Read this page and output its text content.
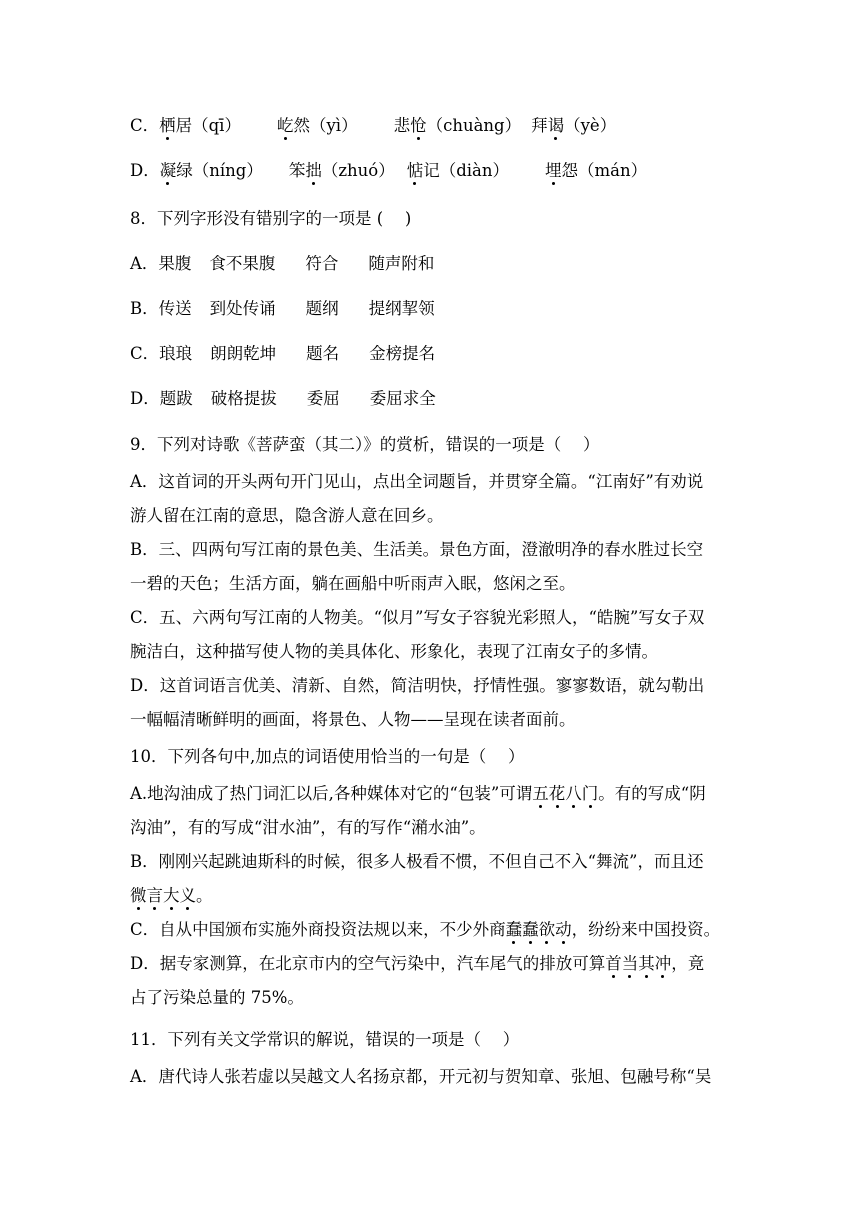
C．栖居（qī） 屹然（yì） 悲怆（chuàng） 拜谒（yè）
D．凝绿（níng） 笨拙（zhuó） 惦记（diàn） 埋怨（mán）
8．下列字形没有错别字的一项是 (　 )
A．果腹 食不果腹 符合 随声附和
B．传送 到处传诵 题纲 提纲挈领
C．琅琅 朗朗乾坤 题名 金榜提名
D．题跋 破格提拔 委屈 委屈求全
9．下列对诗歌《菩萨蛮（其二）》的赏析，错误的一项是（　 ）
A．这首词的开头两句开门见山，点出全词题旨，并贯穿全篇。“江南好”有劝说
游人留在江南的意思，隐含游人意在回乡。
B．三、四两句写江南的景色美、生活美。景色方面，澄澈明净的春水胜过长空
一碧的天色；生活方面，躺在画船中听雨声入眠，悠闲之至。
C．五、六两句写江南的人物美。“似月”写女子容貌光彩照人，“皓腕”写女子双
腕洁白，这种描写使人物的美具体化、形象化，表现了江南女子的多情。
D．这首词语言优美、清新、自然，简洁明快，抒情性强。寥寥数语，就勾勒出
一幅幅清晰鲜明的画面，将景色、人物——呈现在读者面前。
10．下列各句中,加点的词语使用恰当的一句是（　 ）
A.地沟油成了热门词汇以后,各种媒体对它的“包装”可谓五花八门。有的写成“阴
沟油”，有的写成“泔水油”，有的写作“潲水油”。
B．刚刚兴起跳迪斯科的时候，很多人极看不惯，不但自己不入“舞流”，而且还
微言大义。
C．自从中国颁布实施外商投资法规以来，不少外商蠢蠢欲动，纷纷来中国投资。
D．据专家测算，在北京市内的空气污染中，汽车尾气的排放可算首当其冲，竟
占了污染总量的 75%。
11．下列有关文学常识的解说，错误的一项是（　 ）
A．唐代诗人张若虚以吴越文人名扬京都，开元初与贺知章、张旭、包融号称“吴
